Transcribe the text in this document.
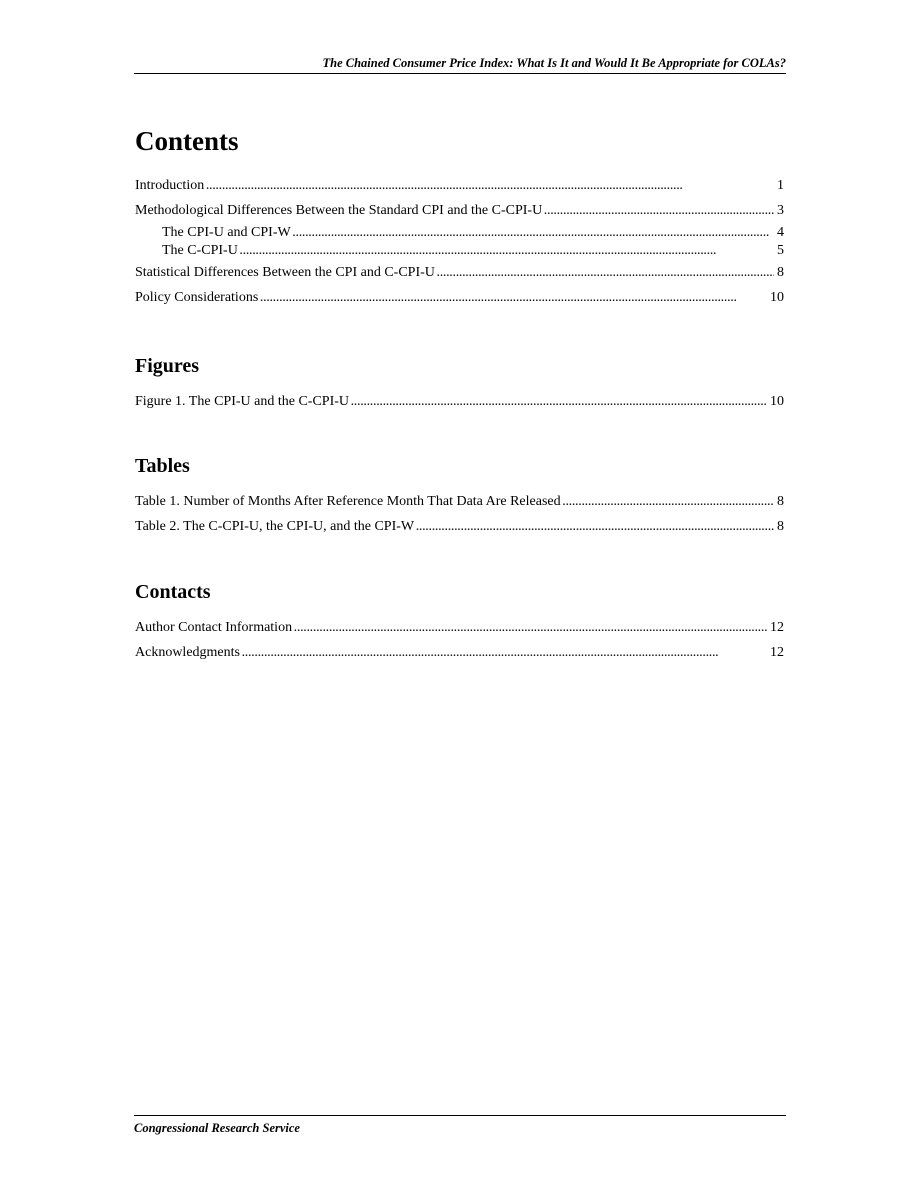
The Chained Consumer Price Index: What Is It and Would It Be Appropriate for COLAs?
Contents
Introduction . . .	1
Methodological Differences Between the Standard CPI and the C-CPI-U . . .	3
The CPI-U and CPI-W . . .	4
The C-CPI-U . . .	5
Statistical Differences Between the CPI and C-CPI-U . . .	8
Policy Considerations . . .	10
Figures
Figure 1. The CPI-U and the C-CPI-U . . .	10
Tables
Table 1. Number of Months After Reference Month That Data Are Released . . .	8
Table 2. The C-CPI-U, the CPI-U, and the CPI-W . . .	8
Contacts
Author Contact Information . . .	12
Acknowledgments . . .	12
Congressional Research Service
